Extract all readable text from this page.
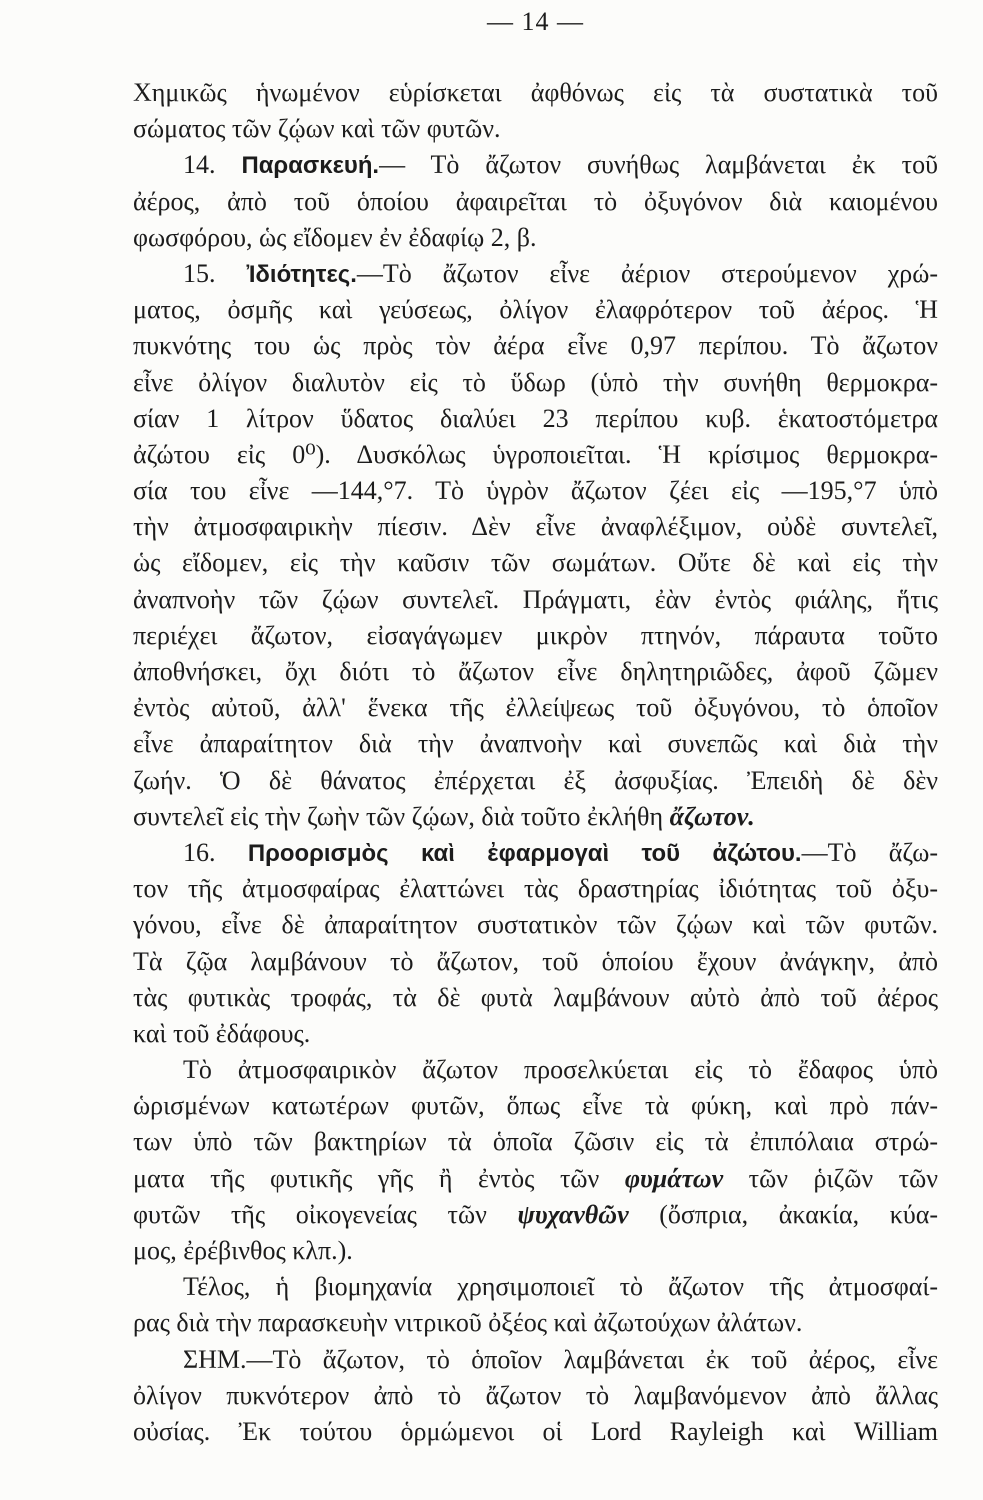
— 14 —
Χημικῶς ἡνωμένον εὑρίσκεται ἀφθόνως εἰς τὰ συστατικὰ τοῦ
σώματος τῶν ζῴων καὶ τῶν φυτῶν.
14. Παρασκευή.— Τὸ ἄζωτον συνήθως λαμβάνεται ἐκ τοῦ
ἀέρος, ἀπὸ τοῦ ὁποίου ἀφαιρεῖται τὸ ὀξυγόνον διὰ καιομένου
φωσφόρου, ὡς εἴδομεν ἐν ἐδαφίῳ 2, β.
15. Ἰδιότητες.—Τὸ ἄζωτον εἶνε ἀέριον στερούμενον χρώ-
ματος, ὀσμῆς καὶ γεύσεως, ὀλίγον ἐλαφρότερον τοῦ ἀέρος. Ἡ
πυκνότης του ὡς πρὸς τὸν ἀέρα εἶνε 0,97 περίπου. Τὸ ἄζωτον
εἶνε ὀλίγον διαλυτὸν εἰς τὸ ὕδωρ (ὑπὸ τὴν συνήθη θερμοκρα-
σίαν 1 λίτρον ὕδατος διαλύει 23 περίπου κυβ. ἑκατοστόμετρα
ἀζώτου εἰς 0⁰). Δυσκόλως ὑγροποιεῖται. Ἡ κρίσιμος θερμοκρα-
σία του εἶνε —144,°7. Τὸ ὑγρὸν ἄζωτον ζέει εἰς —195,°7 ὑπὸ
τὴν ἀτμοσφαιρικὴν πίεσιν. Δὲν εἶνε ἀναφλέξιμον, οὐδὲ συντελεῖ,
ὡς εἴδομεν, εἰς τὴν καῦσιν τῶν σωμάτων. Οὔτε δὲ καὶ εἰς τὴν
ἀναπνοὴν τῶν ζῴων συντελεῖ. Πράγματι, ἐὰν ἐντὸς φιάλης, ἥτις
περιέχει ἄζωτον, εἰσαγάγωμεν μικρὸν πτηνόν, πάραυτα τοῦτο
ἀποθνήσκει, ὄχι διότι τὸ ἄζωτον εἶνε δηλητηριῶδες, ἀφοῦ ζῶμεν
ἐντὸς αὐτοῦ, ἀλλ' ἕνεκα τῆς ἐλλείψεως τοῦ ὀξυγόνου, τὸ ὁποῖον
εἶνε ἀπαραίτητον διὰ τὴν ἀναπνοὴν καὶ συνεπῶς καὶ διὰ τὴν
ζωήν. Ὁ δὲ θάνατος ἐπέρχεται ἐξ ἀσφυξίας. Ἐπειδὴ δὲ δὲν
συντελεῖ εἰς τὴν ζωὴν τῶν ζῴων, διὰ τοῦτο ἐκλήθη ἄζωτον.
16. Προορισμὸς καὶ ἐφαρμογαὶ τοῦ ἀζώτου.—Τὸ ἄζω-
τον τῆς ἀτμοσφαίρας ἐλαττώνει τὰς δραστηρίας ἰδιότητας τοῦ ὀξυ-
γόνου, εἶνε δὲ ἀπαραίτητον συστατικὸν τῶν ζῴων καὶ τῶν φυτῶν.
Τὰ ζῷα λαμβάνουν τὸ ἄζωτον, τοῦ ὁποίου ἔχουν ἀνάγκην, ἀπὸ
τὰς φυτικὰς τροφάς, τὰ δὲ φυτὰ λαμβάνουν αὐτὸ ἀπὸ τοῦ ἀέρος
καὶ τοῦ ἐδάφους.
Τὸ ἀτμοσφαιρικὸν ἄζωτον προσελκύεται εἰς τὸ ἔδαφος ὑπὸ
ὡρισμένων κατωτέρων φυτῶν, ὅπως εἶνε τὰ φύκη, καὶ πρὸ πάν-
των ὑπὸ τῶν βακτηρίων τὰ ὁποῖα ζῶσιν εἰς τὰ ἐπιπόλαια στρώ-
ματα τῆς φυτικῆς γῆς ἢ ἐντὸς τῶν φυμάτων τῶν ῥιζῶν τῶν
φυτῶν τῆς οἰκογενείας τῶν ψυχανθῶν (ὄσπρια, ἀκακία, κύα-
μος, ἐρέβινθος κλπ.).
Τέλος, ἡ βιομηχανία χρησιμοποιεῖ τὸ ἄζωτον τῆς ἀτμοσφαί-
ρας διὰ τὴν παρασκευὴν νιτρικοῦ ὀξέος καὶ ἀζωτούχων ἀλάτων.
ΣΗΜ.—Τὸ ἄζωτον, τὸ ὁποῖον λαμβάνεται ἐκ τοῦ ἀέρος, εἶνε
ὀλίγον πυκνότερον ἀπὸ τὸ ἄζωτον τὸ λαμβανόμενον ἀπὸ ἄλλας
οὐσίας. Ἐκ τούτου ὁρμώμενοι οἱ Lord Rayleigh καὶ William
